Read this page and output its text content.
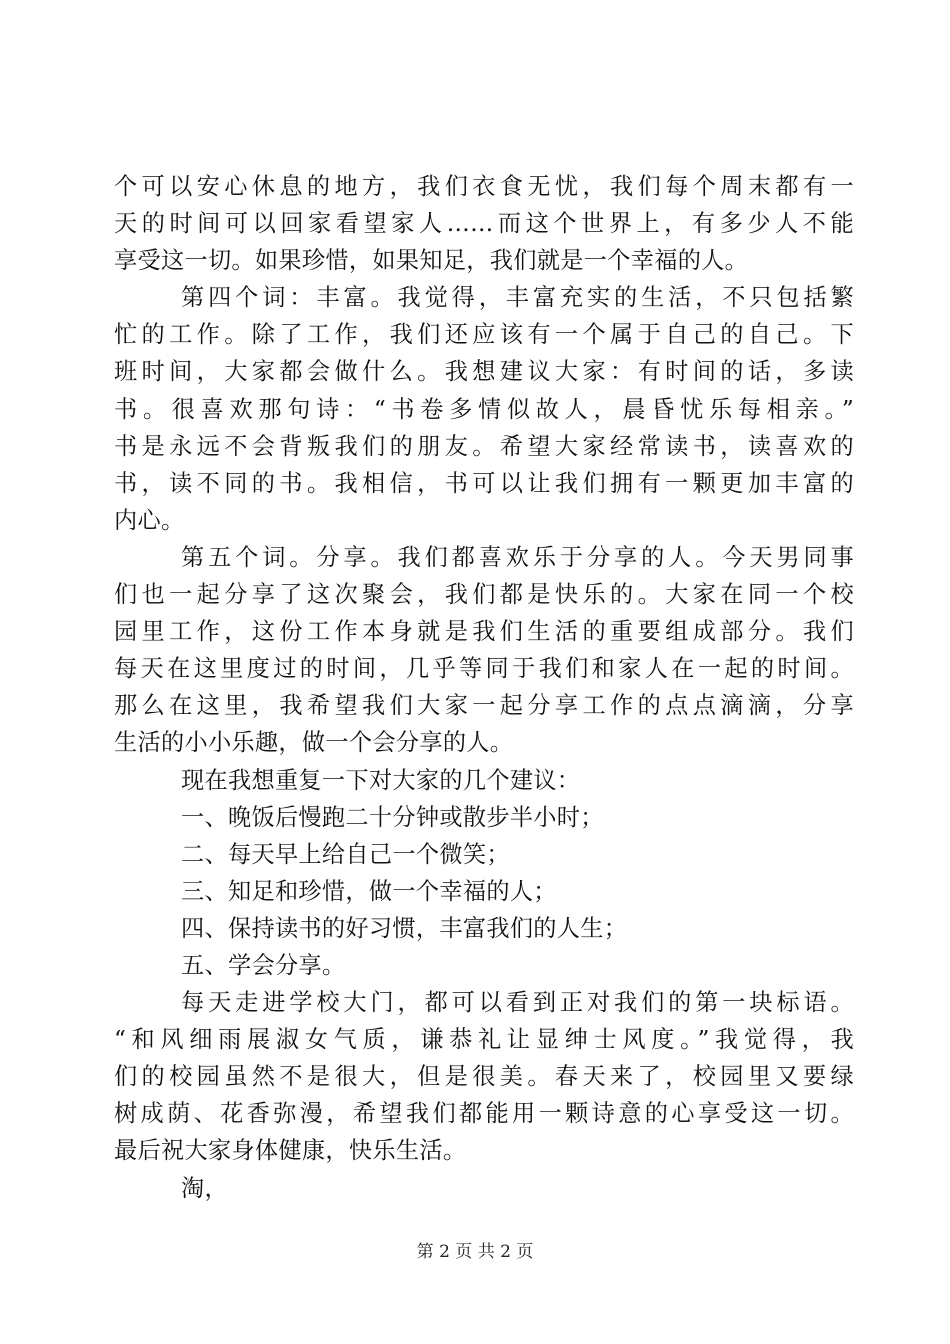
个可以安心休息的地方，我们衣食无忧，我们每个周末都有一
天的时间可以回家看望家人……而这个世界上，有多少人不能
享受这一切。如果珍惜，如果知足，我们就是一个幸福的人。
第四个词：丰富。我觉得，丰富充实的生活，不只包括繁
忙的工作。除了工作，我们还应该有一个属于自己的自己。下
班时间，大家都会做什么。我想建议大家：有时间的话，多读
书。很喜欢那句诗：“书卷多情似故人，晨昏忧乐每相亲。”
书是永远不会背叛我们的朋友。希望大家经常读书，读喜欢的
书，读不同的书。我相信，书可以让我们拥有一颗更加丰富的
内心。
第五个词。分享。我们都喜欢乐于分享的人。今天男同事
们也一起分享了这次聚会，我们都是快乐的。大家在同一个校
园里工作，这份工作本身就是我们生活的重要组成部分。我们
每天在这里度过的时间，几乎等同于我们和家人在一起的时间。
那么在这里，我希望我们大家一起分享工作的点点滴滴，分享
生活的小小乐趣，做一个会分享的人。
现在我想重复一下对大家的几个建议：
一、晚饭后慢跑二十分钟或散步半小时；
二、每天早上给自己一个微笑；
三、知足和珍惜，做一个幸福的人；
四、保持读书的好习惯，丰富我们的人生；
五、学会分享。
每天走进学校大门，都可以看到正对我们的第一块标语。
“和风细雨展淑女气质，谦恭礼让显绅士风度。”我觉得，我
们的校园虽然不是很大，但是很美。春天来了，校园里又要绿
树成荫、花香弥漫，希望我们都能用一颗诗意的心享受这一切。
最后祝大家身体健康，快乐生活。
淘，
第 2 页 共 2 页
